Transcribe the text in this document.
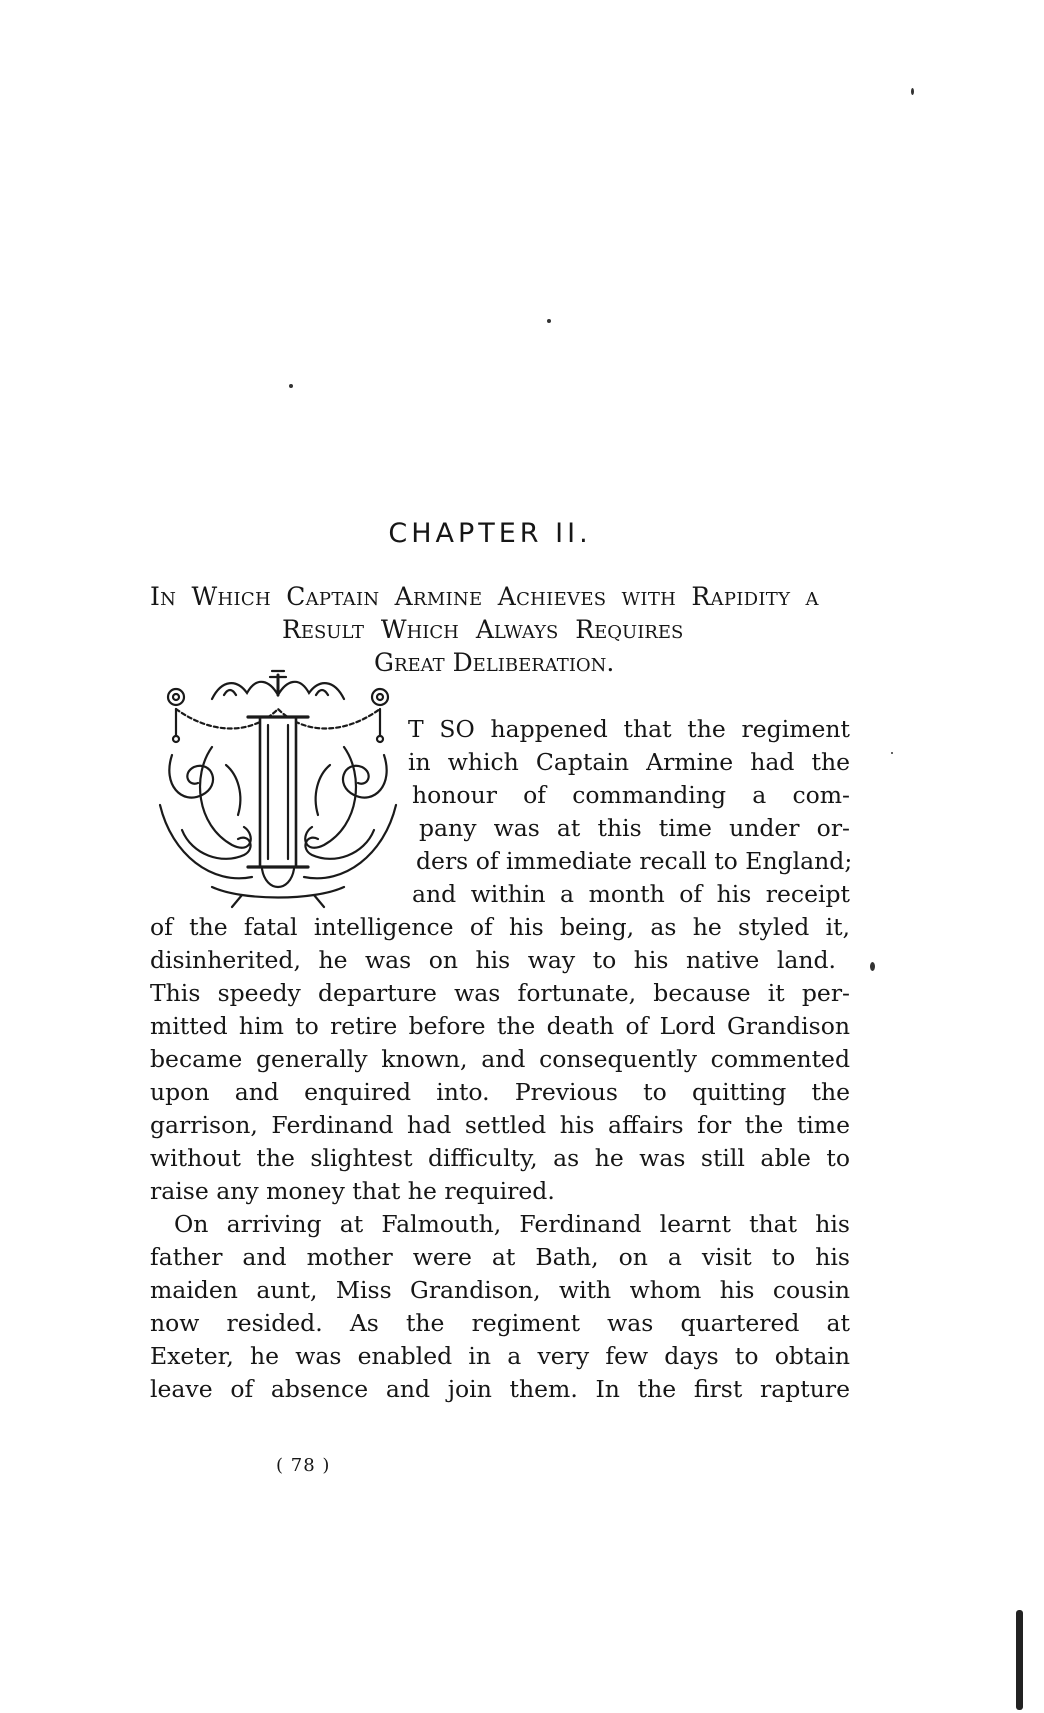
CHAPTER II.
In Which Captain Armine Achieves with Rapidity a
Result Which Always Requires
Great Deliberation.
T SO happened that the regiment
in which Captain Armine had the
honour of commanding a com-
pany was at this time under or-
ders of immediate recall to England;
and within a month of his receipt
of the fatal intelligence of his being, as he styled it,
disinherited, he was on his way to his native land.
This speedy departure was fortunate, because it per-
mitted him to retire before the death of Lord Grandison
became generally known, and consequently commented
upon and enquired into. Previous to quitting the
garrison, Ferdinand had settled his affairs for the time
without the slightest difficulty, as he was still able to
raise any money that he required.
On arriving at Falmouth, Ferdinand learnt that his
father and mother were at Bath, on a visit to his
maiden aunt, Miss Grandison, with whom his cousin
now resided. As the regiment was quartered at
Exeter, he was enabled in a very few days to obtain
leave of absence and join them. In the first rapture
( 78 )
